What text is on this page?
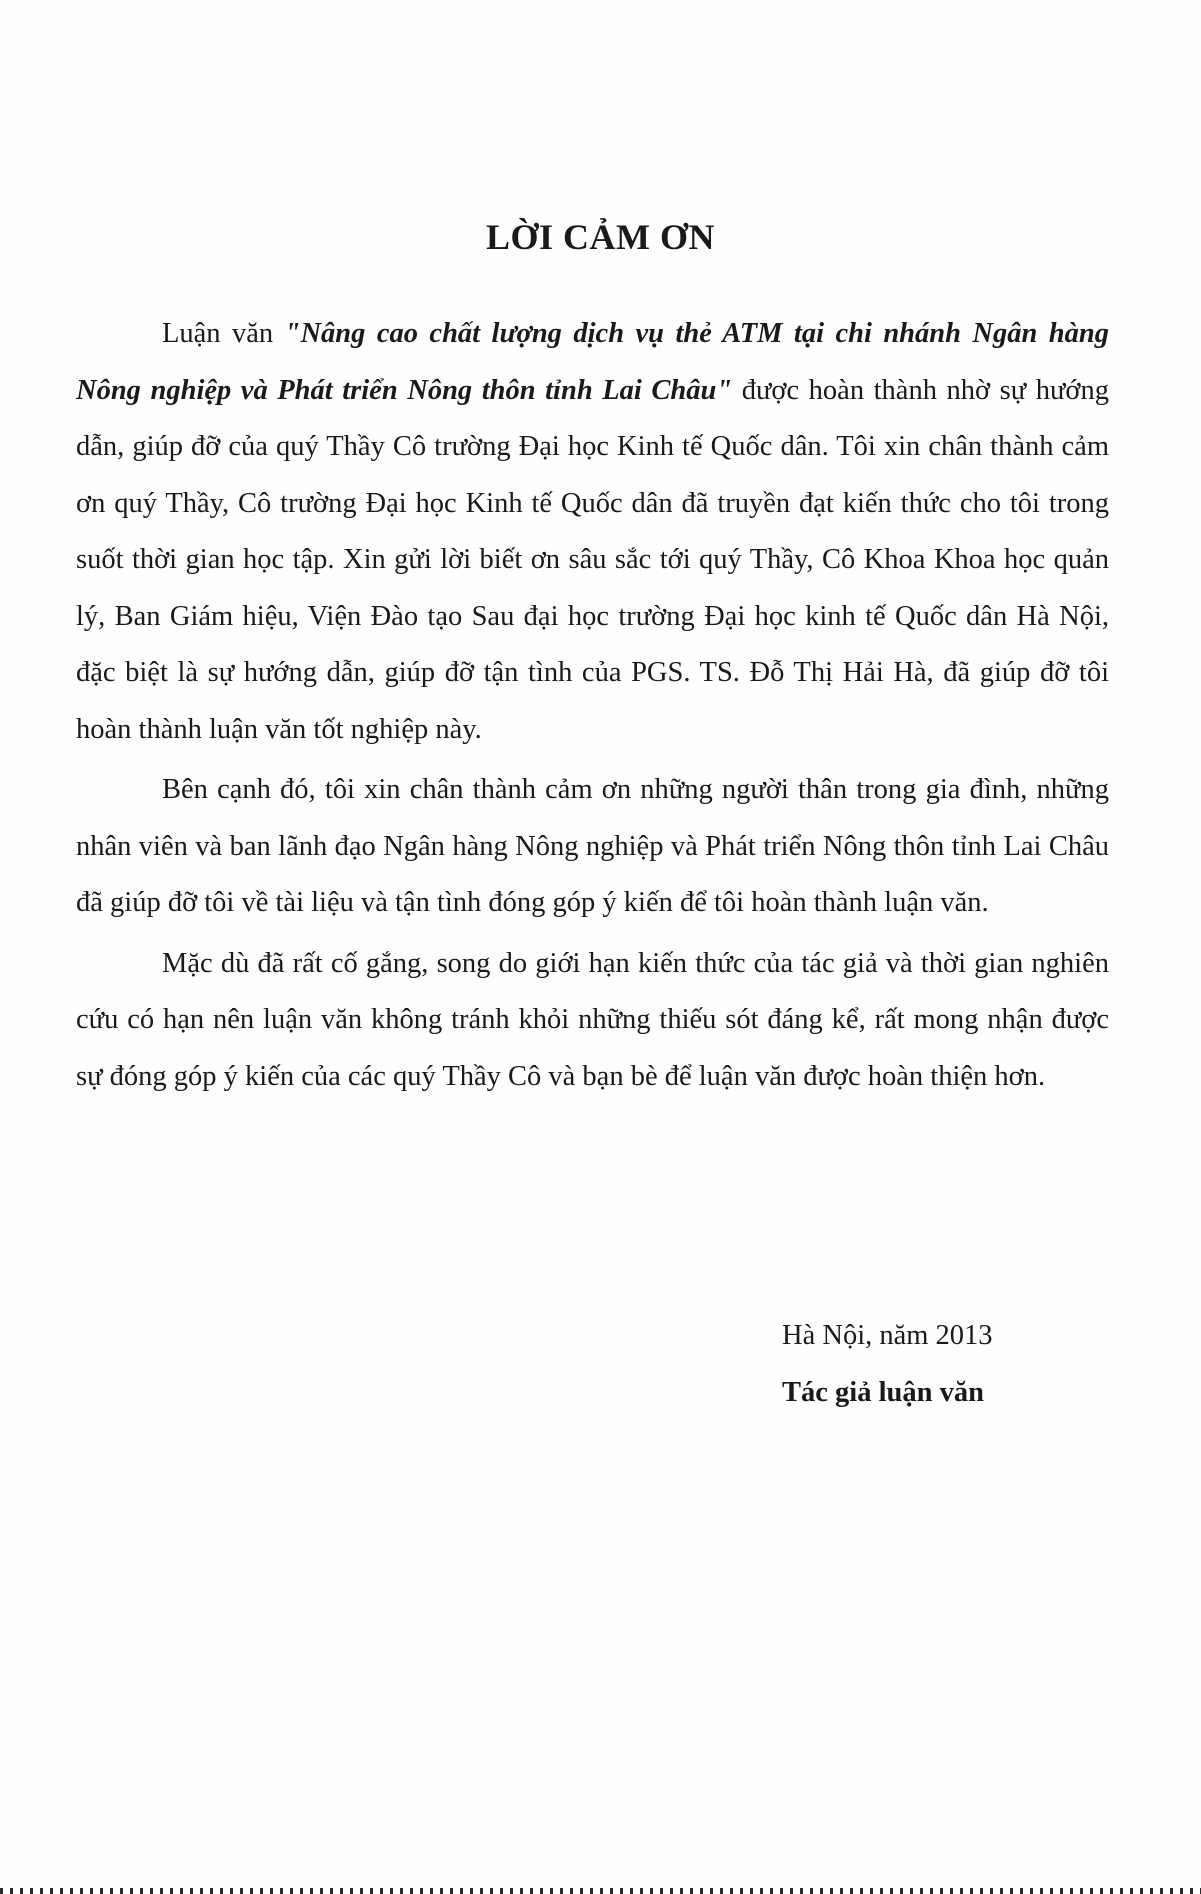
LỜI CẢM ƠN

Luận văn "Nâng cao chất lượng dịch vụ thẻ ATM tại chi nhánh Ngân hàng Nông nghiệp và Phát triển Nông thôn tỉnh Lai Châu" được hoàn thành nhờ sự hướng dẫn, giúp đỡ của quý Thầy Cô trường Đại học Kinh tế Quốc dân. Tôi xin chân thành cảm ơn quý Thầy, Cô trường Đại học Kinh tế Quốc dân đã truyền đạt kiến thức cho tôi trong suốt thời gian học tập. Xin gửi lời biết ơn sâu sắc tới quý Thầy, Cô Khoa Khoa học quản lý, Ban Giám hiệu, Viện Đào tạo Sau đại học trường Đại học kinh tế Quốc dân Hà Nội, đặc biệt là sự hướng dẫn, giúp đỡ tận tình của PGS. TS. Đỗ Thị Hải Hà, đã giúp đỡ tôi hoàn thành luận văn tốt nghiệp này.

Bên cạnh đó, tôi xin chân thành cảm ơn những người thân trong gia đình, những nhân viên và ban lãnh đạo Ngân hàng Nông nghiệp và Phát triển Nông thôn tỉnh Lai Châu đã giúp đỡ tôi về tài liệu và tận tình đóng góp ý kiến để tôi hoàn thành luận văn.

Mặc dù đã rất cố gắng, song do giới hạn kiến thức của tác giả và thời gian nghiên cứu có hạn nên luận văn không tránh khỏi những thiếu sót đáng kể, rất mong nhận được sự đóng góp ý kiến của các quý Thầy Cô và bạn bè để luận văn được hoàn thiện hơn.

Hà Nội, năm 2013
Tác giả luận văn
